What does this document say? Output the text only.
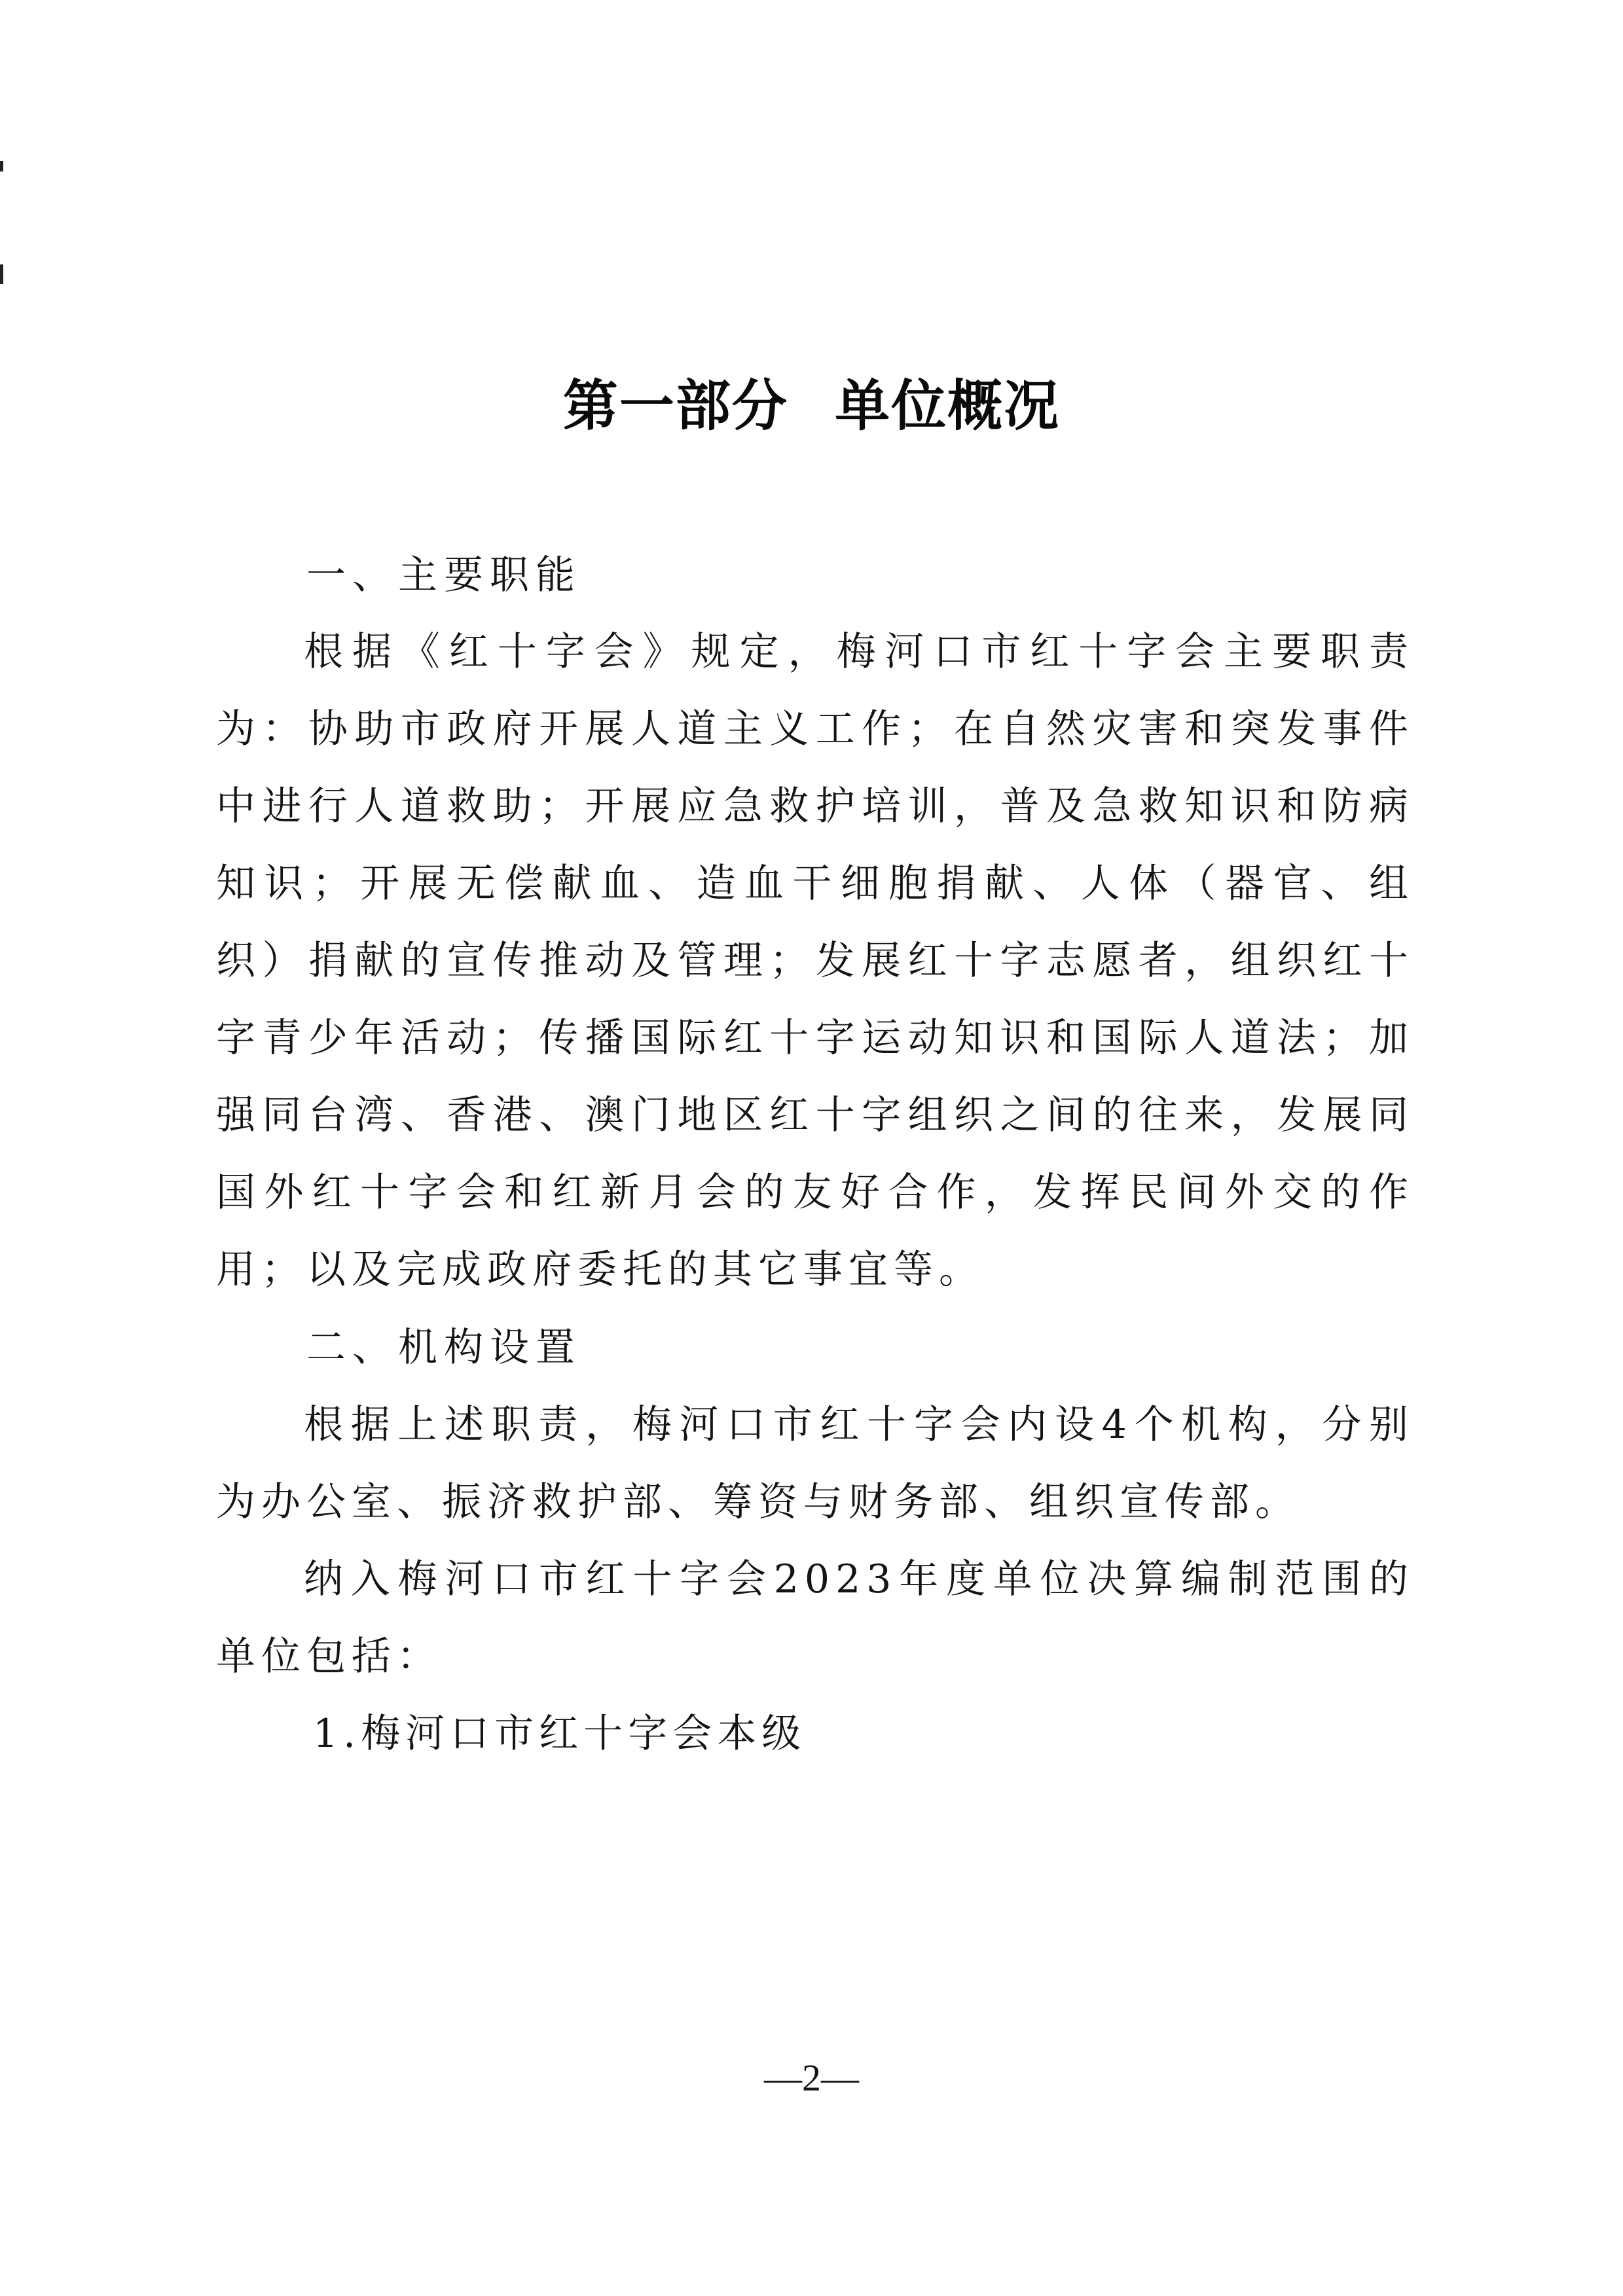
第一部分 单位概况
一、主要职能
根据《红十字会》规定，梅河口市红十字会主要职责为：协助市政府开展人道主义工作；在自然灾害和突发事件中进行人道救助；开展应急救护培训，普及急救知识和防病知识；开展无偿献血、造血干细胞捐献、人体（器官、组织）捐献的宣传推动及管理；发展红十字志愿者，组织红十字青少年活动；传播国际红十字运动知识和国际人道法；加强同台湾、香港、澳门地区红十字组织之间的往来，发展同国外红十字会和红新月会的友好合作，发挥民间外交的作用；以及完成政府委托的其它事宜等。
二、机构设置
根据上述职责，梅河口市红十字会内设4个机构，分别为办公室、振济救护部、筹资与财务部、组织宣传部。
纳入梅河口市红十字会2023年度单位决算编制范围的单位包括：
1.梅河口市红十字会本级
—2—
